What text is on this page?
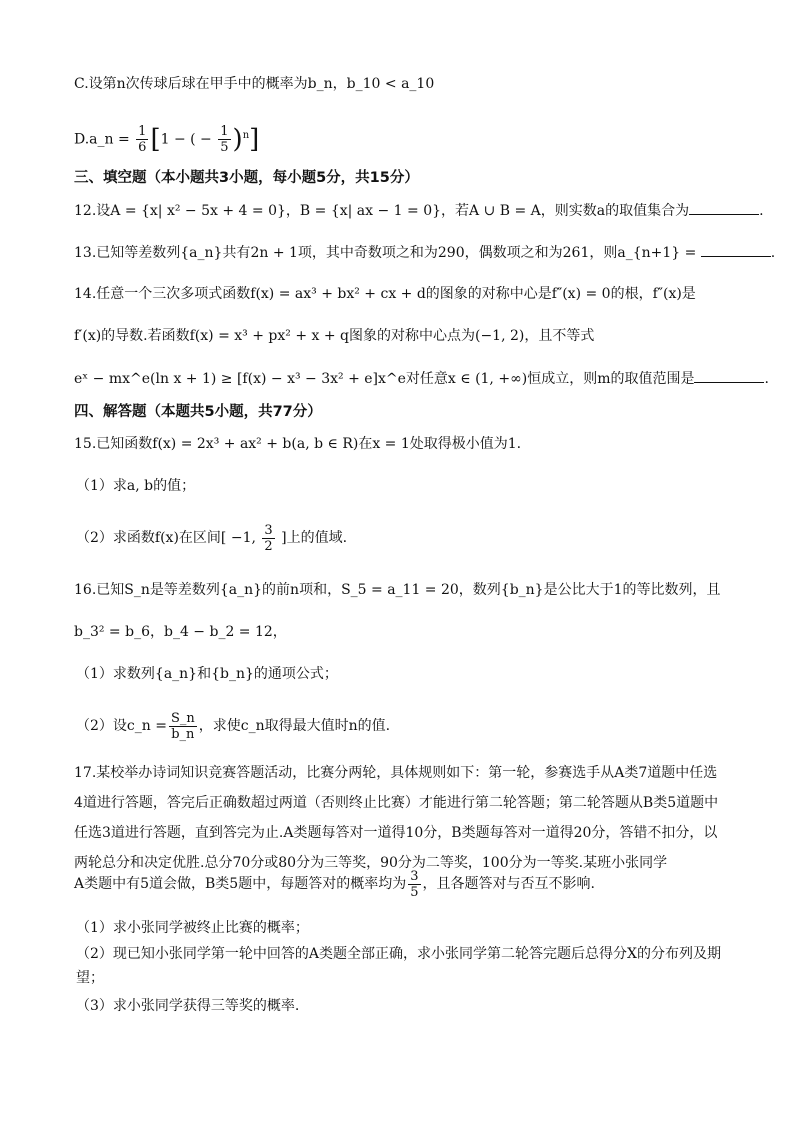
C.设第n次传球后球在甲手中的概率为b_n，b_10 < a_10
D.a_n = $\frac{1}{6} [1$ − ( − $\frac{1}{5} )^n$]
三、填空题（本小题共3小题，每小题5分，共15分）
12.设A = {x| x² − 5x + 4 = 0}，B = {x| ax − 1 = 0}，若A ∪ B = A，则实数a的取值集合为	.
13.已知等差数列{a_n}共有2n + 1项，其中奇数项之和为290，偶数项之和为261，则a_{n+1} =	.
14.任意一个三次多项式函数f(x) = ax³ + bx² + cx + d的图象的对称中心是f″(x) = 0的根，f″(x)是
f′(x)的导数.若函数f(x) = x³ + px² + x + q图象的对称中心点为(−1, 2)，且不等式
eˣ − mx^e(ln x + 1) ≥ [f(x) − x³ − 3x² + e]x^e对任意x ∈ (1, +∞)恒成立，则m的取值范围是	.
四、解答题（本题共5小题，共77分）
15.已知函数f(x) = 2x³ + ax² + b(a, b ∈ R)在x = 1处取得极小值为1.
（1）求a, b的值；
（2）求函数f(x)在区间[ −1, $\frac{3}{2}$ ]上的值域.
16.已知S_n是等差数列{a_n}的前n项和，S_5 = a_11 = 20，数列{b_n}是公比大于1的等比数列，且
b_3² = b_6，b_4 − b_2 = 12，
（1）求数列{a_n}和{b_n}的通项公式；
（2）设c_n = $\frac{S\_n}{b\_n}$ ，求使c_n取得最大值时n的值.
17.某校举办诗词知识竞赛答题活动，比赛分两轮，具体规则如下：第一轮，参赛选手从A类7道题中任选4道进行答题，答完后正确数超过两道（否则终止比赛）才能进行第二轮答题；第二轮答题从B类5道题中任选3道进行答题，直到答完为止.A类题每答对一道得10分，B类题每答对一道得20分，答错不扣分，以两轮总分和决定优胜.总分70分或80分为三等奖，90分为二等奖，100分为一等奖.某班小张同学
A类题中有5道会做，B类5题中，每题答对的概率均为 $\frac{3}{5}$ ，且各题答对与否互不影响.
（1）求小张同学被终止比赛的概率；
（2）现已知小张同学第一轮中回答的A类题全部正确，求小张同学第二轮答完题后总得分X的分布列及期望；
（3）求小张同学获得三等奖的概率.
